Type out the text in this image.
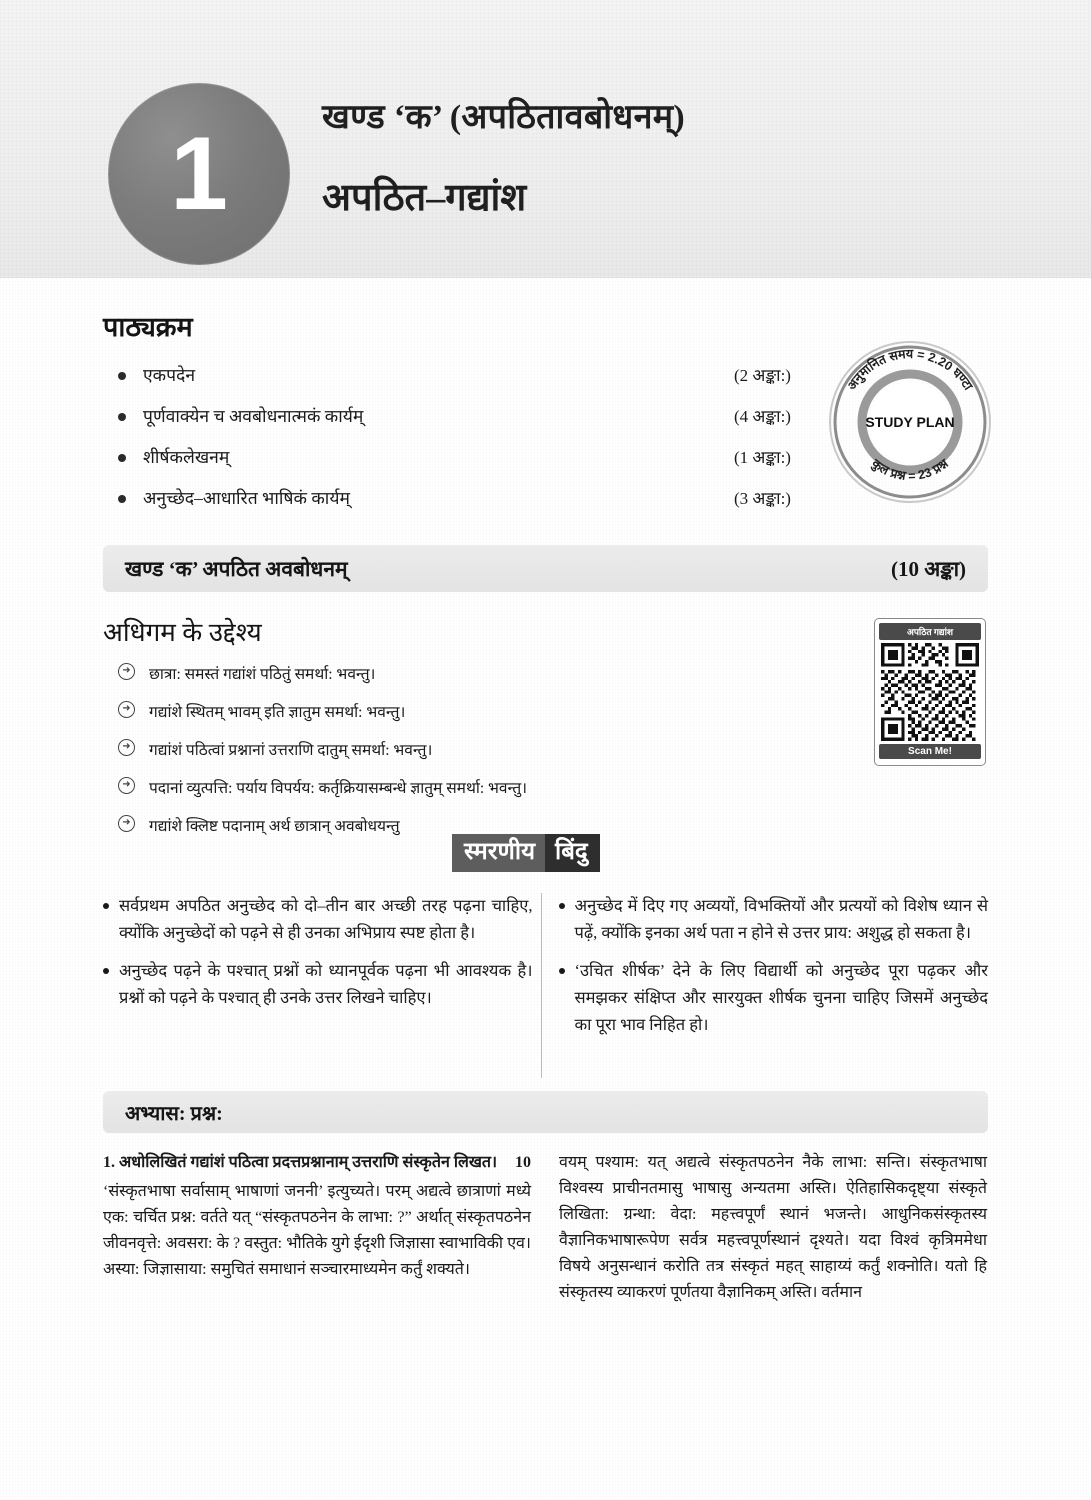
1	खण्ड ‘क’ (अपठितावबोधनम्)
अपठित–गद्यांश
पाठ्यक्रम
एकपदेन	(2 अङ्का:)
पूर्णवाक्येन च अवबोधनात्मकं कार्यम्	(4 अङ्का:)
शीर्षकलेखनम्	(1 अङ्का:)
अनुच्छेद–आधारित भाषिकं कार्यम्	(3 अङ्का:)
अनुमानित समय = 2.20 घण्टा
कुल प्रश्न = 23 प्रश्न
STUDY PLAN
खण्ड ‘क’ अपठित अवबोधनम्	(10 अङ्का)
अधिगम के उद्देश्य
➜ छात्रा: समस्तं गद्यांशं पठितुं समर्था: भवन्तु।
➜ गद्यांशे स्थितम् भावम् इति ज्ञातुम समर्था: भवन्तु।
➜ गद्यांशं पठित्वां प्रश्नानां उत्तराणि दातुम् समर्था: भवन्तु।
➜ पदानां व्युत्पत्ति: पर्याय विपर्यय: कर्तृक्रियासम्बन्धे ज्ञातुम् समर्था: भवन्तु।
➜ गद्यांशे क्लिष्ट पदानाम् अर्थ छात्रान् अवबोधयन्तु
अपठित गद्यांश
Scan Me!
स्मरणीय बिंदु

सर्वप्रथम अपठित अनुच्छेद को दो–तीन बार अच्छी तरह पढ़ना चाहिए, क्योंकि अनुच्छेदों को पढ़ने से ही उनका अभिप्राय स्पष्ट होता है।

अनुच्छेद पढ़ने के पश्चात् प्रश्नों को ध्यानपूर्वक पढ़ना भी आवश्यक है। प्रश्नों को पढ़ने के पश्चात् ही उनके उत्तर लिखने चाहिए।

अनुच्छेद में दिए गए अव्ययों, विभक्तियों और प्रत्ययों को विशेष ध्यान से पढ़ें, क्योंकि इनका अर्थ पता न होने से उत्तर प्राय: अशुद्ध हो सकता है।

‘उचित शीर्षक’ देने के लिए विद्यार्थी को अनुच्छेद पूरा पढ़कर और समझकर संक्षिप्त और सारयुक्त शीर्षक चुनना चाहिए जिसमें अनुच्छेद का पूरा भाव निहित हो।

अभ्यास: प्रश्न:

10
1. अधोलिखितं गद्यांशं पठित्वा प्रदत्तप्रश्नानाम् उत्तराणि संस्कृतेन लिखत।

‘संस्कृतभाषा सर्वासाम् भाषाणां जननी’ इत्युच्यते। परम् अद्यत्वे छात्राणां मध्ये एक: चर्चित प्रश्न: वर्तते यत् “संस्कृतपठनेन के लाभा: ?” अर्थात् संस्कृतपठनेन जीवनवृत्ते: अवसरा: के ? वस्तुत: भौतिके युगे ईदृशी जिज्ञासा स्वाभाविकी एव। अस्या: जिज्ञासाया: समुचितं समाधानं सञ्चारमाध्यमेन कर्तुं शक्यते।

वयम् पश्याम: यत् अद्यत्वे संस्कृतपठनेन नैके लाभा: सन्ति। संस्कृतभाषा विश्वस्य प्राचीनतमासु भाषासु अन्यतमा अस्ति। ऐतिहासिकदृष्ट्या संस्कृते लिखिता: ग्रन्था: वेदा: महत्त्वपूर्णं स्थानं भजन्ते। आधुनिकसंस्कृतस्य वैज्ञानिकभाषारूपेण सर्वत्र महत्त्वपूर्णस्थानं दृश्यते। यदा विश्वं कृत्रिममेधा विषये अनुसन्धानं करोति तत्र संस्कृतं महत् साहाय्यं कर्तुं शक्नोति। यतो हि संस्कृतस्य व्याकरणं पूर्णतया वैज्ञानिकम् अस्ति। वर्तमान
